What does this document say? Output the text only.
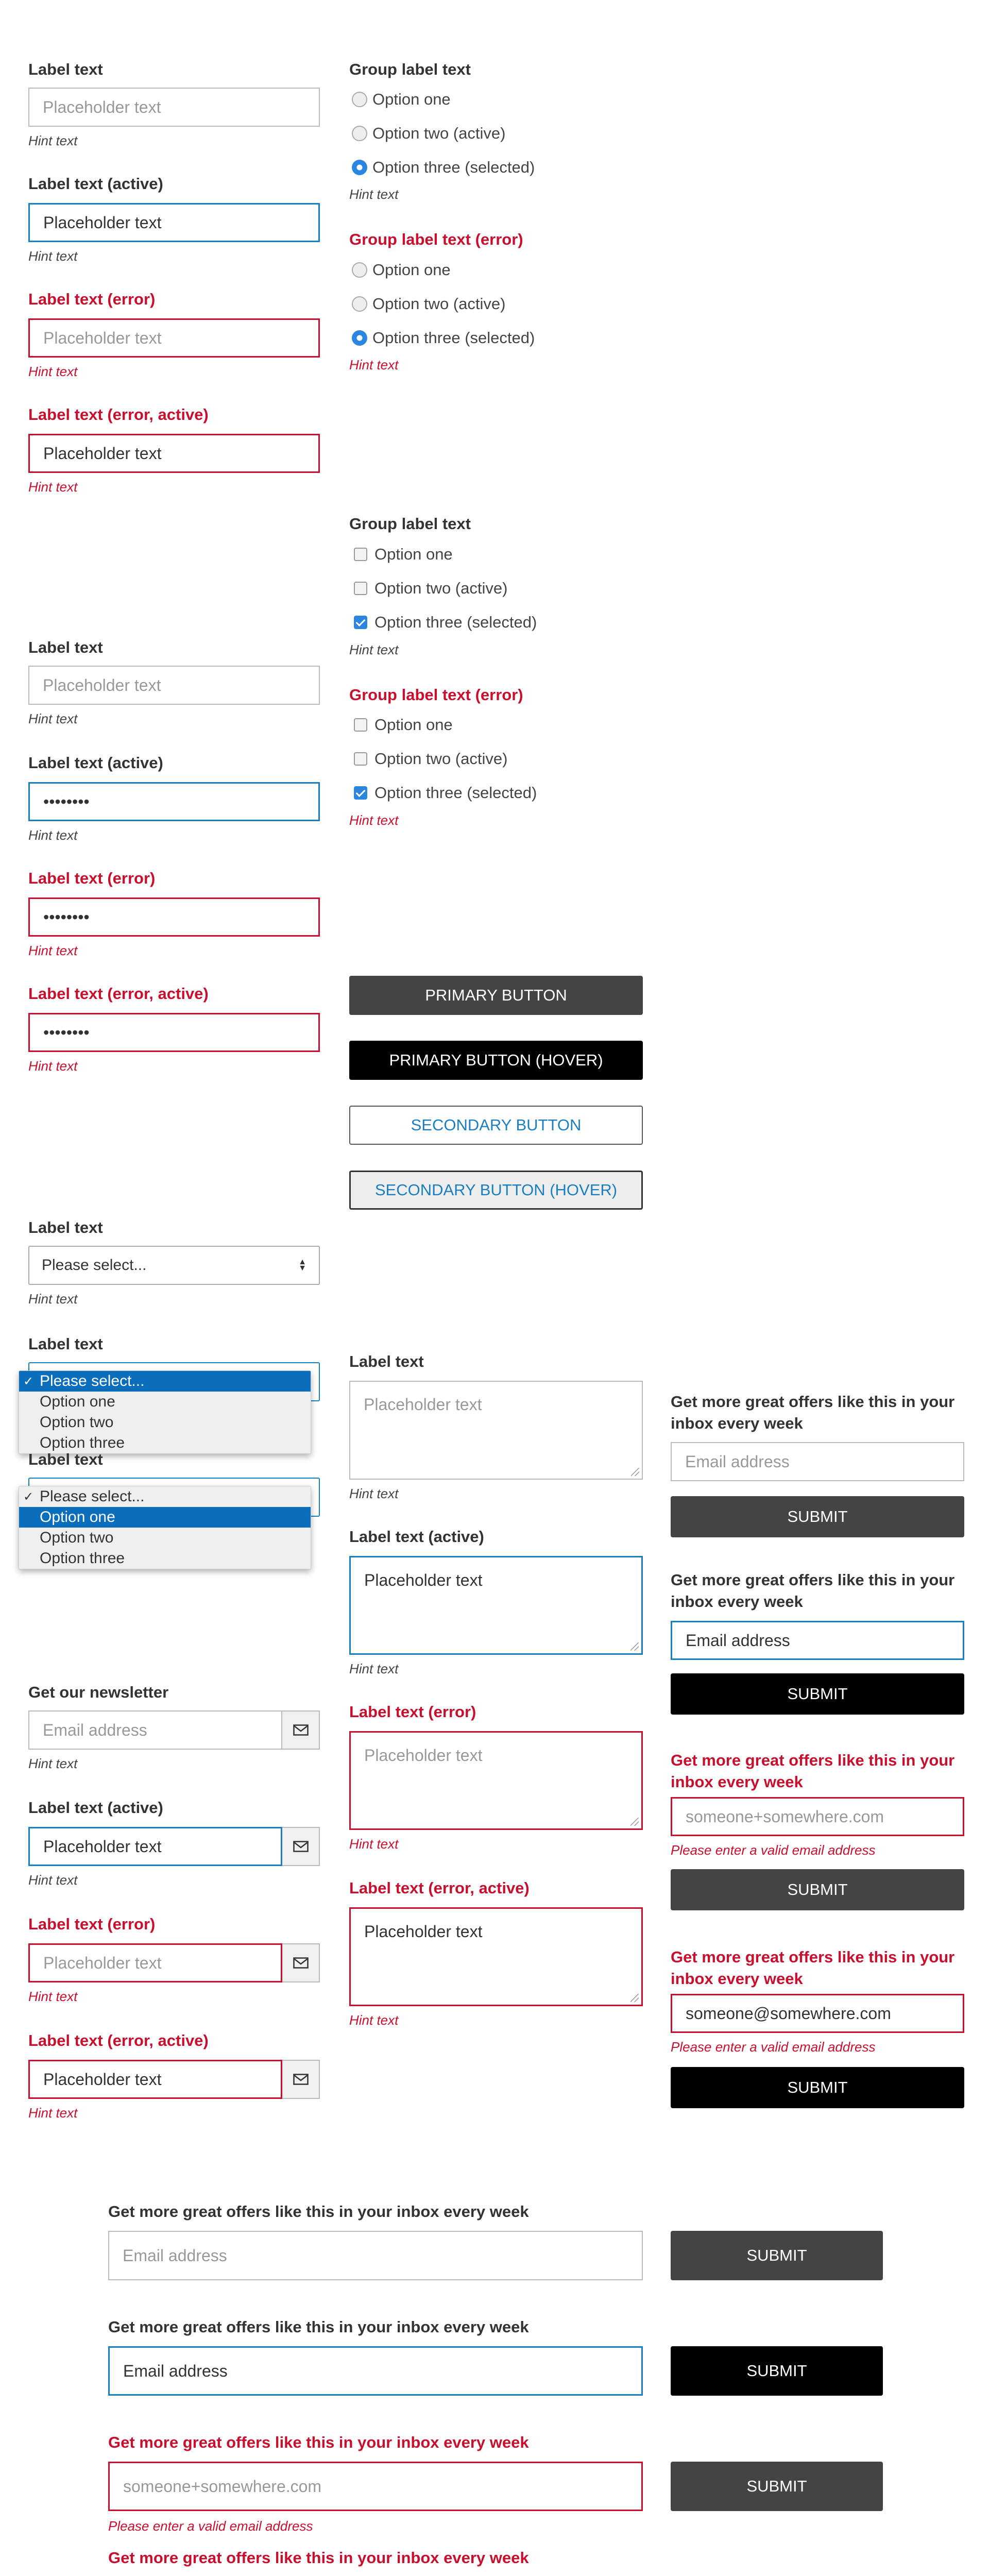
Label text
Placeholder text
Hint text
Label text (active)
Placeholder text
Hint text
Label text (error)
Placeholder text
Hint text
Label text (error, active)
Placeholder text
Hint text
Group label text
Option one
Option two (active)
Option three (selected)
Hint text
Group label text (error)
Option one
Option two (active)
Option three (selected)
Hint text
Group label text
Option one
Option two (active)
Option three (selected)
Hint text
Group label text (error)
Option one
Option two (active)
Option three (selected)
Hint text
Label text
Placeholder text
Hint text
Label text (active)
••••••••
Hint text
Label text (error)
••••••••
Hint text
Label text (error, active)
••••••••
Hint text
PRIMARY BUTTON
PRIMARY BUTTON (HOVER)
SECONDARY BUTTON
SECONDARY BUTTON (HOVER)
Label text
Please select...	▲
▼
Hint text
Label text
✓ Please select...
Option one
Option two
Option three
Label text
✓ Please select...
Option one
Option two
Option three
Label text
Placeholder text
Hint text
Label text (active)
Placeholder text
Hint text
Label text (error)
Placeholder text
Hint text
Label text (error, active)
Placeholder text
Hint text
Get our newsletter
Email address
Hint text
Label text (active)
Placeholder text
Hint text
Label text (error)
Placeholder text
Hint text
Label text (error, active)
Placeholder text
Hint text
Get more great offers like this in your inbox every week
Email address
SUBMIT
Get more great offers like this in your inbox every week
Email address
SUBMIT
Get more great offers like this in your inbox every week
someone+somewhere.com
Please enter a valid email address
SUBMIT
Get more great offers like this in your inbox every week
someone@somewhere.com
Please enter a valid email address
SUBMIT
Get more great offers like this in your inbox every week
Email address	SUBMIT
Get more great offers like this in your inbox every week
Email address	SUBMIT
Get more great offers like this in your inbox every week
someone+somewhere.com
Please enter a valid email address
SUBMIT
Get more great offers like this in your inbox every week
